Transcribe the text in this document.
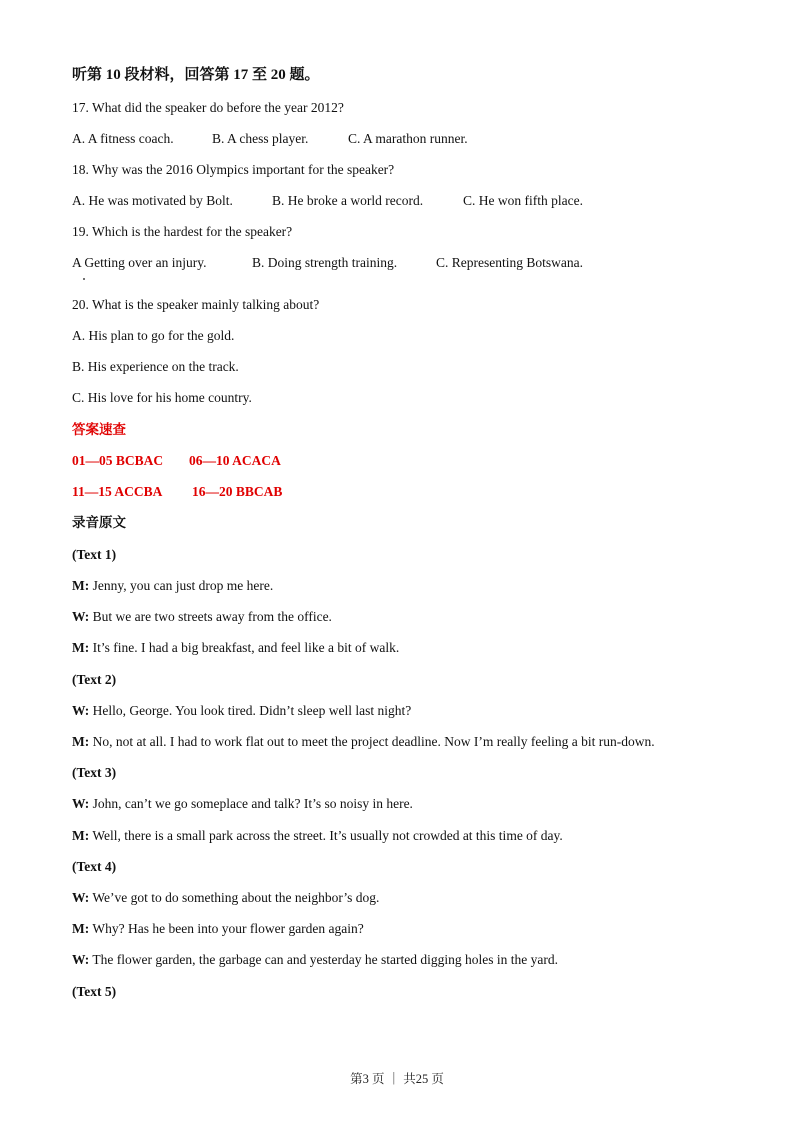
听第 10 段材料，回答第 17 至 20 题。
17. What did the speaker do before the year 2012?
A. A fitness coach.	B. A chess player.	C. A marathon runner.
18. Why was the 2016 Olympics important for the speaker?
A. He was motivated by Bolt.	B. He broke a world record.	C. He won fifth place.
19. Which is the hardest for the speaker?
A Getting over an injury.	B. Doing strength training.	C. Representing Botswana.
20. What is the speaker mainly talking about?
A. His plan to go for the gold.
B. His experience on the track.
C. His love for his home country.
答案速查
01—05 BCBAC 06—10 ACACA
11—15 ACCBA 16—20 BBCAB
录音原文
(Text 1)
M: Jenny, you can just drop me here.
W: But we are two streets away from the office.
M: It’s fine. I had a big breakfast, and feel like a bit of walk.
(Text 2)
W: Hello, George. You look tired. Didn’t sleep well last night?
M: No, not at all. I had to work flat out to meet the project deadline. Now I’m really feeling a bit run-down.
(Text 3)
W: John, can’t we go someplace and talk? It’s so noisy in here.
M: Well, there is a small park across the street. It’s usually not crowded at this time of day.
(Text 4)
W: We’ve got to do something about the neighbor’s dog.
M: Why? Has he been into your flower garden again?
W: The flower garden, the garbage can and yesterday he started digging holes in the yard.
(Text 5)
第3 页 ｜ 共25 页
